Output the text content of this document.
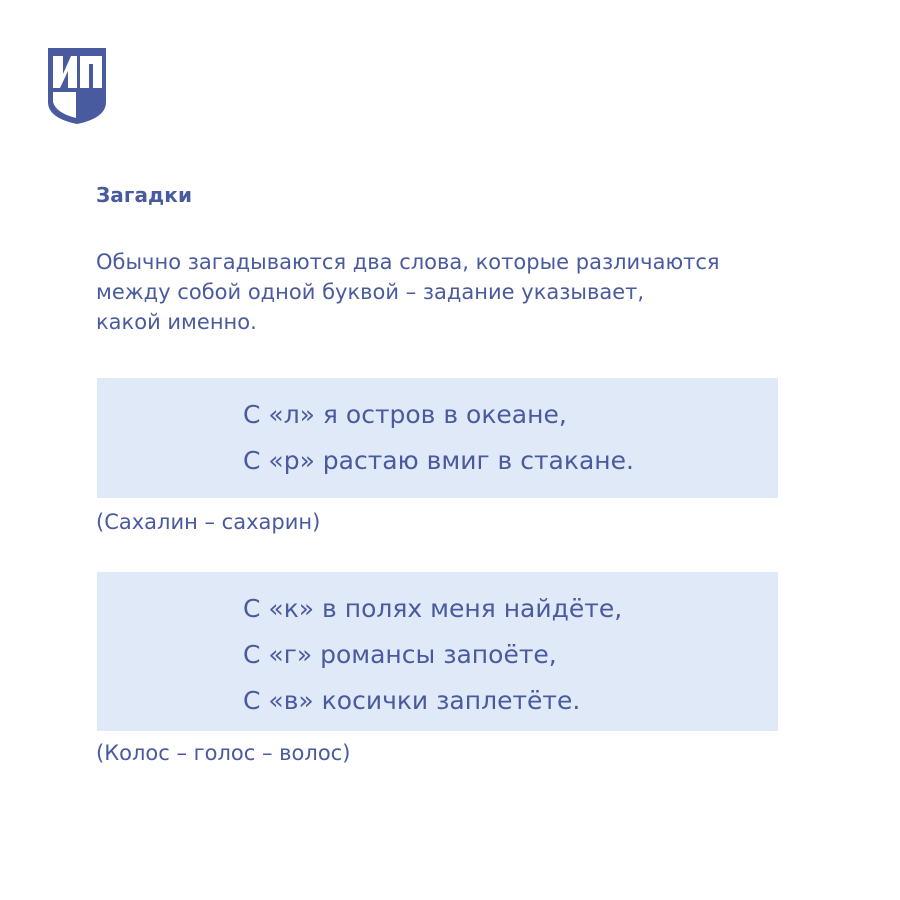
Загадки
Обычно загадываются два слова, которые различаются
между собой одной буквой – задание указывает,
какой именно.
С «л» я остров в океане,
С «р» растаю вмиг в стакане.
(Сахалин – сахарин)
С «к» в полях меня найдёте,
С «г» романсы запоёте,
С «в» косички заплетёте.
(Колос – голос – волос)
